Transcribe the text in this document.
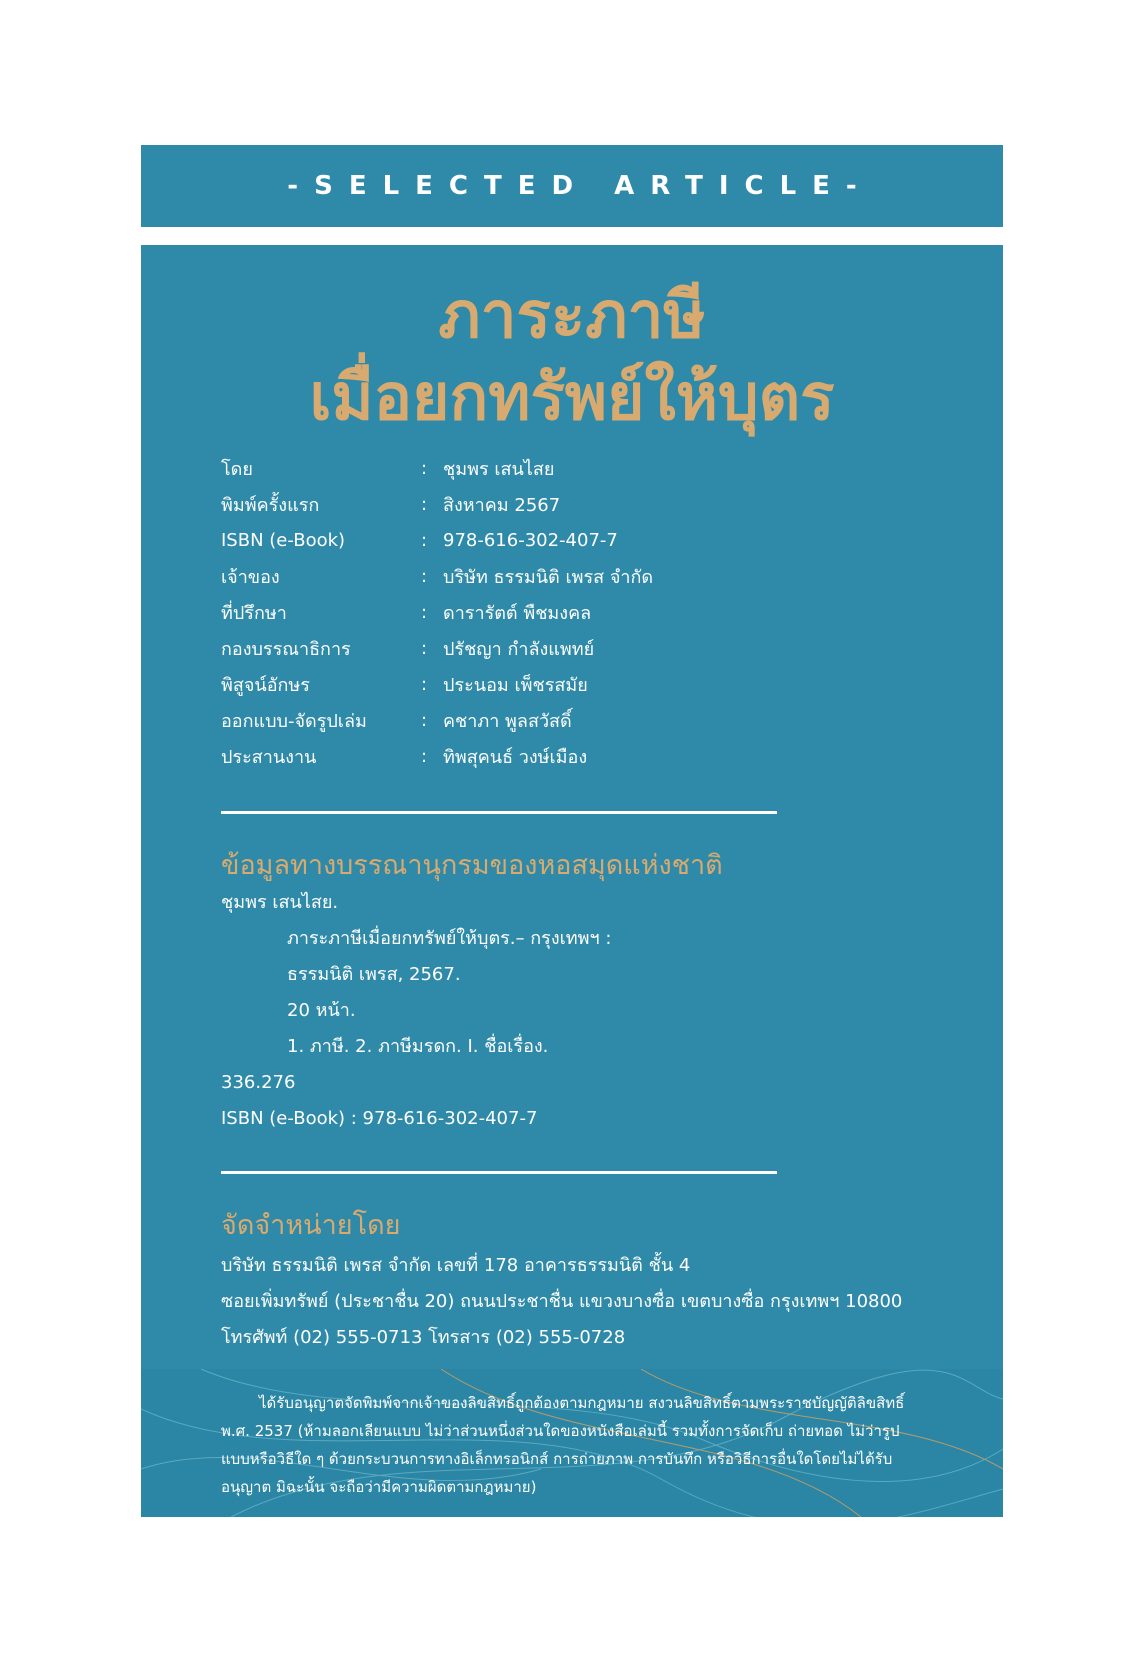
-SELECTED ARTICLE-
ภาระภาษี
เมื่อยกทรัพย์ให้บุตร
โดย	: ชุมพร เสนไสย
พิมพ์ครั้งแรก	: สิงหาคม 2567
ISBN (e-Book)	: 978-616-302-407-7
เจ้าของ	: บริษัท ธรรมนิติ เพรส จำกัด
ที่ปรึกษา	: ดารารัตต์ พืชมงคล
กองบรรณาธิการ	: ปรัชญา กำลังแพทย์
พิสูจน์อักษร	: ประนอม เพ็ชรสมัย
ออกแบบ-จัดรูปเล่ม	: คชาภา พูลสวัสดิ์
ประสานงาน	: ทิพสุคนธ์ วงษ์เมือง
ข้อมูลทางบรรณานุกรมของหอสมุดแห่งชาติ
ชุมพร เสนไสย.
ภาระภาษีเมื่อยกทรัพย์ให้บุตร.– กรุงเทพฯ :
ธรรมนิติ เพรส, 2567.
20 หน้า.
1. ภาษี. 2. ภาษีมรดก. I. ชื่อเรื่อง.
336.276
ISBN (e-Book) : 978-616-302-407-7
จัดจำหน่ายโดย
บริษัท ธรรมนิติ เพรส จำกัด เลขที่ 178 อาคารธรรมนิติ ชั้น 4
ซอยเพิ่มทรัพย์ (ประชาชื่น 20) ถนนประชาชื่น แขวงบางซื่อ เขตบางซื่อ กรุงเทพฯ 10800
โทรศัพท์ (02) 555-0713 โทรสาร (02) 555-0728
ได้รับอนุญาตจัดพิมพ์จากเจ้าของลิขสิทธิ์ถูกต้องตามกฎหมาย สงวนลิขสิทธิ์ตามพระราชบัญญัติลิขสิทธิ์ พ.ศ. 2537 (ห้ามลอกเลียนแบบ ไม่ว่าส่วนหนึ่งส่วนใดของหนังสือเล่มนี้ รวมทั้งการจัดเก็บ ถ่ายทอด ไม่ว่ารูปแบบหรือวิธีใด ๆ ด้วยกระบวนการทางอิเล็กทรอนิกส์ การถ่ายภาพ การบันทึก หรือวิธีการอื่นใดโดยไม่ได้รับอนุญาต มิฉะนั้น จะถือว่ามีความผิดตามกฎหมาย)
